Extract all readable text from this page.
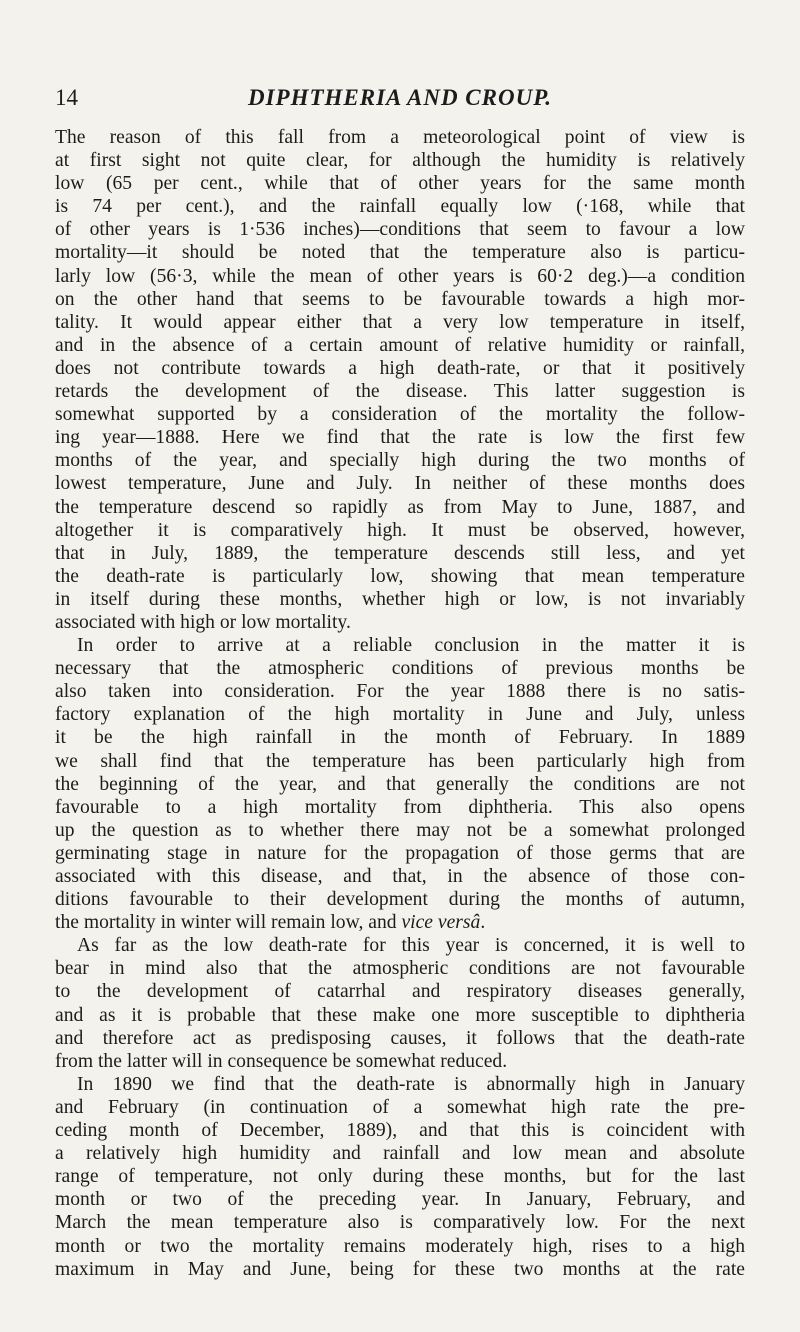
14	DIPHTHERIA AND CROUP.
The reason of this fall from a meteorological point of view is
at first sight not quite clear, for although the humidity is relatively
low (65 per cent., while that of other years for the same month
is 74 per cent.), and the rainfall equally low (·168, while that
of other years is 1·536 inches)—conditions that seem to favour a low
mortality—it should be noted that the temperature also is particu-
larly low (56·3, while the mean of other years is 60·2 deg.)—a condition
on the other hand that seems to be favourable towards a high mor-
tality. It would appear either that a very low temperature in itself,
and in the absence of a certain amount of relative humidity or rainfall,
does not contribute towards a high death-rate, or that it positively
retards the development of the disease. This latter suggestion is
somewhat supported by a consideration of the mortality the follow-
ing year—1888. Here we find that the rate is low the first few
months of the year, and specially high during the two months of
lowest temperature, June and July. In neither of these months does
the temperature descend so rapidly as from May to June, 1887, and
altogether it is comparatively high. It must be observed, however,
that in July, 1889, the temperature descends still less, and yet
the death-rate is particularly low, showing that mean temperature
in itself during these months, whether high or low, is not invariably
associated with high or low mortality.
In order to arrive at a reliable conclusion in the matter it is
necessary that the atmospheric conditions of previous months be
also taken into consideration. For the year 1888 there is no satis-
factory explanation of the high mortality in June and July, unless
it be the high rainfall in the month of February. In 1889
we shall find that the temperature has been particularly high from
the beginning of the year, and that generally the conditions are not
favourable to a high mortality from diphtheria. This also opens
up the question as to whether there may not be a somewhat prolonged
germinating stage in nature for the propagation of those germs that are
associated with this disease, and that, in the absence of those con-
ditions favourable to their development during the months of autumn,
the mortality in winter will remain low, and vice versâ.
As far as the low death-rate for this year is concerned, it is well to
bear in mind also that the atmospheric conditions are not favourable
to the development of catarrhal and respiratory diseases generally,
and as it is probable that these make one more susceptible to diphtheria
and therefore act as predisposing causes, it follows that the death-rate
from the latter will in consequence be somewhat reduced.
In 1890 we find that the death-rate is abnormally high in January
and February (in continuation of a somewhat high rate the pre-
ceding month of December, 1889), and that this is coincident with
a relatively high humidity and rainfall and low mean and absolute
range of temperature, not only during these months, but for the last
month or two of the preceding year. In January, February, and
March the mean temperature also is comparatively low. For the next
month or two the mortality remains moderately high, rises to a high
maximum in May and June, being for these two months at the rate
